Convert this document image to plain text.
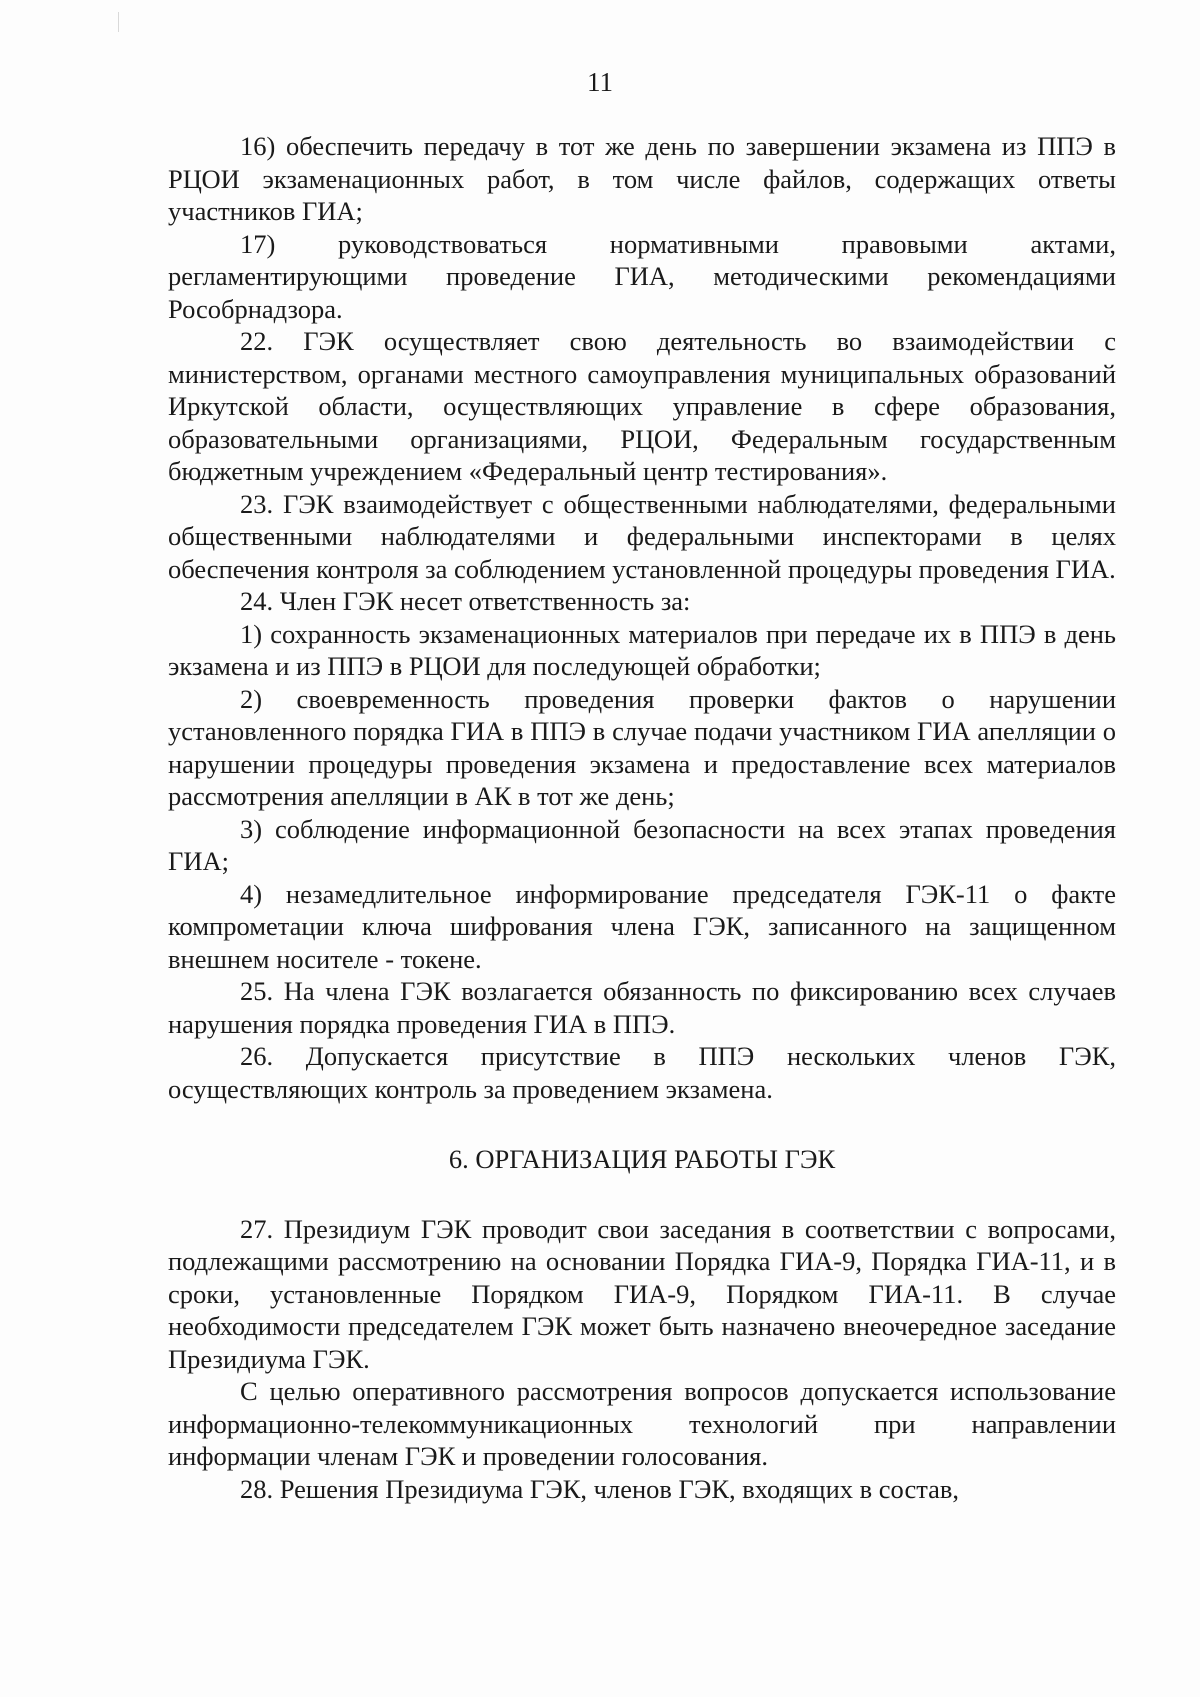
11

16) обеспечить передачу в тот же день по завершении экзамена из ППЭ в РЦОИ экзаменационных работ, в том числе файлов, содержащих ответы участников ГИА;

17) руководствоваться нормативными правовыми актами, регламентирующими проведение ГИА, методическими рекомендациями Рособрнадзора.

22. ГЭК осуществляет свою деятельность во взаимодействии с министерством, органами местного самоуправления муниципальных образований Иркутской области, осуществляющих управление в сфере образования, образовательными организациями, РЦОИ, Федеральным государственным бюджетным учреждением «Федеральный центр тестирования».

23. ГЭК взаимодействует с общественными наблюдателями, федеральными общественными наблюдателями и федеральными инспекторами в целях обеспечения контроля за соблюдением установленной процедуры проведения ГИА.

24. Член ГЭК несет ответственность за:

1) сохранность экзаменационных материалов при передаче их в ППЭ в день экзамена и из ППЭ в РЦОИ для последующей обработки;

2) своевременность проведения проверки фактов о нарушении установленного порядка ГИА в ППЭ в случае подачи участником ГИА апелляции о нарушении процедуры проведения экзамена и предоставление всех материалов рассмотрения апелляции в АК в тот же день;

3) соблюдение информационной безопасности на всех этапах проведения ГИА;

4) незамедлительное информирование председателя ГЭК-11 о факте компрометации ключа шифрования члена ГЭК, записанного на защищенном внешнем носителе - токене.

25. На члена ГЭК возлагается обязанность по фиксированию всех случаев нарушения порядка проведения ГИА в ППЭ.

26. Допускается присутствие в ППЭ нескольких членов ГЭК, осуществляющих контроль за проведением экзамена.

6. ОРГАНИЗАЦИЯ РАБОТЫ ГЭК

27. Президиум ГЭК проводит свои заседания в соответствии с вопросами, подлежащими рассмотрению на основании Порядка ГИА-9, Порядка ГИА-11, и в сроки, установленные Порядком ГИА-9, Порядком ГИА-11. В случае необходимости председателем ГЭК может быть назначено внеочередное заседание Президиума ГЭК.

С целью оперативного рассмотрения вопросов допускается использование информационно-телекоммуникационных технологий при направлении информации членам ГЭК и проведении голосования.

28. Решения Президиума ГЭК, членов ГЭК, входящих в состав,
